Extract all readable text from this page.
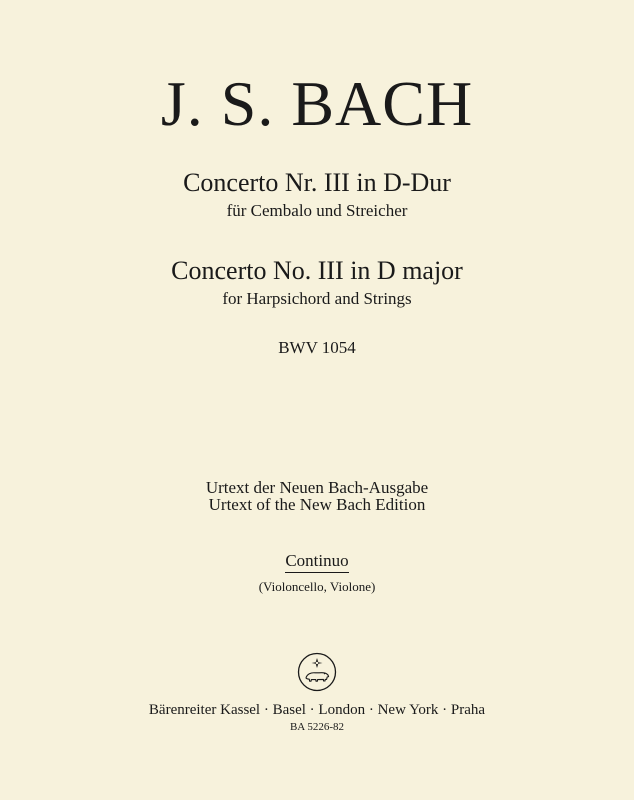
J. S. BACH
Concerto Nr. III in D-Dur
für Cembalo und Streicher
Concerto No. III in D major
for Harpsichord and Strings
BWV 1054
Urtext der Neuen Bach-Ausgabe
Urtext of the New Bach Edition
Continuo
(Violoncello, Violone)
Bärenreiter Kassel · Basel · London · New York · Praha
BA 5226-82
